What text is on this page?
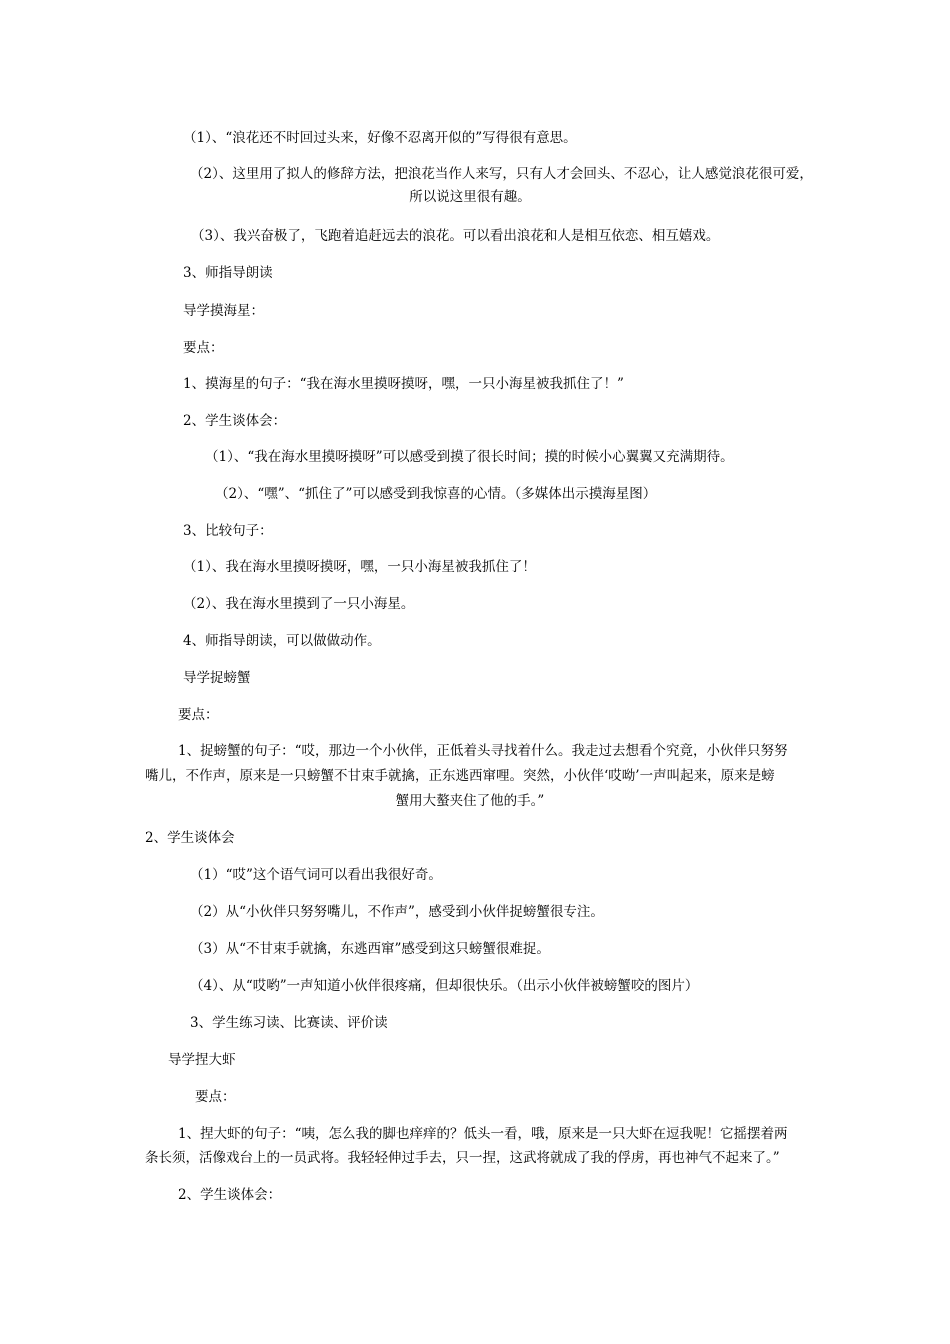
（1）、“浪花还不时回过头来，好像不忍离开似的”写得很有意思。
（2）、这里用了拟人的修辞方法，把浪花当作人来写，只有人才会回头、不忍心，让人感觉浪花很可爱，
所以说这里很有趣。
（3）、我兴奋极了，飞跑着追赶远去的浪花。可以看出浪花和人是相互依恋、相互嬉戏。
3、师指导朗读
导学摸海星：
要点：
1、摸海星的句子：“我在海水里摸呀摸呀，嘿，一只小海星被我抓住了！”
2、学生谈体会：
（1）、“我在海水里摸呀摸呀”可以感受到摸了很长时间；摸的时候小心翼翼又充满期待。
（2）、“嘿”、“抓住了”可以感受到我惊喜的心情。（多媒体出示摸海星图）
3、比较句子：
（1）、我在海水里摸呀摸呀，嘿，一只小海星被我抓住了！
（2）、我在海水里摸到了一只小海星。
4、师指导朗读，可以做做动作。
导学捉螃蟹
要点：
1、捉螃蟹的句子：“哎，那边一个小伙伴，正低着头寻找着什么。我走过去想看个究竟，小伙伴只努努
嘴儿，不作声，原来是一只螃蟹不甘束手就擒，正东逃西窜哩。突然，小伙伴‘哎呦’一声叫起来，原来是螃
蟹用大螯夹住了他的手。”
2、学生谈体会
（1）“哎”这个语气词可以看出我很好奇。
（2）从“小伙伴只努努嘴儿，不作声”，感受到小伙伴捉螃蟹很专注。
（3）从“不甘束手就擒，东逃西窜”感受到这只螃蟹很难捉。
（4）、从“哎哟”一声知道小伙伴很疼痛，但却很快乐。（出示小伙伴被螃蟹咬的图片）
3、学生练习读、比赛读、评价读
导学捏大虾
要点：
1、捏大虾的句子：“咦，怎么我的脚也痒痒的？低头一看，哦，原来是一只大虾在逗我呢！它摇摆着两
条长须，活像戏台上的一员武将。我轻轻伸过手去，只一捏，这武将就成了我的俘虏，再也神气不起来了。”
2、学生谈体会：
